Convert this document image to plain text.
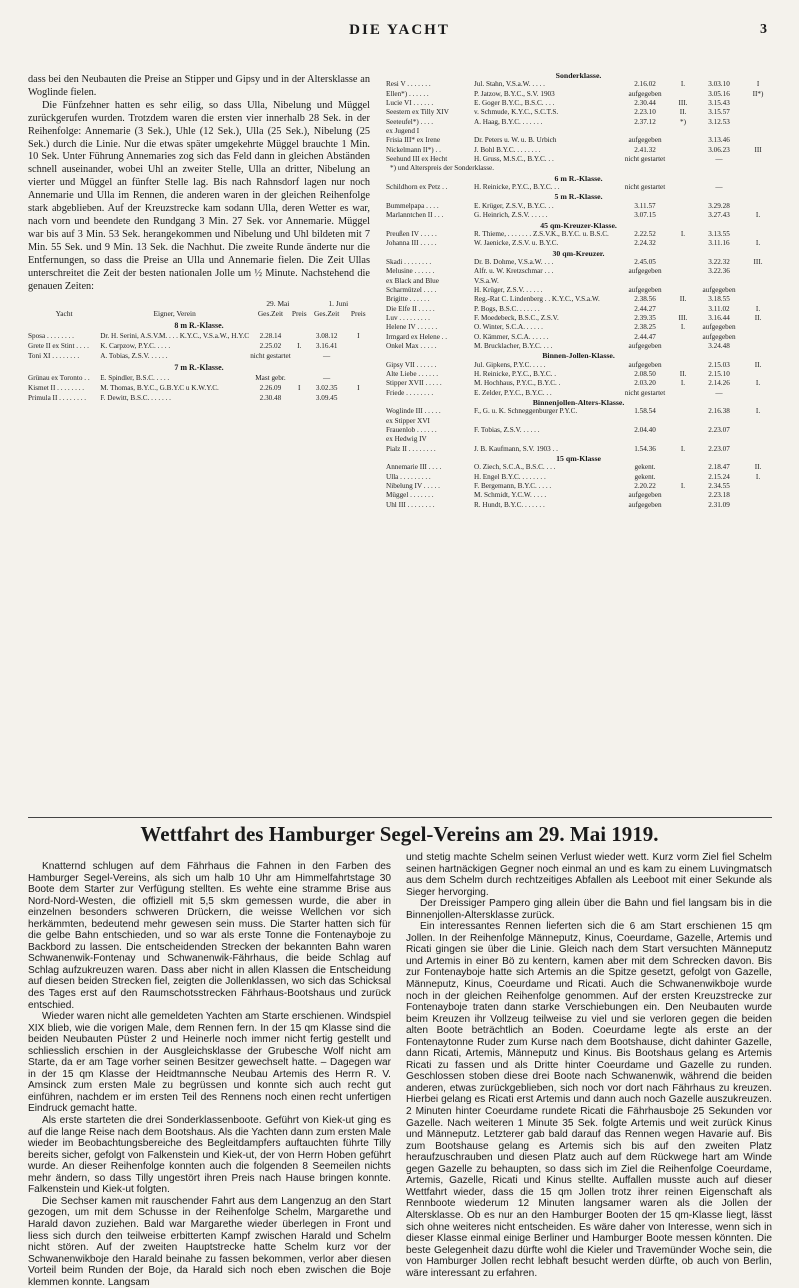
DIE YACHT	3

dass bei den Neubauten die Preise an Stipper und Gipsy und in der Altersklasse an Woglinde fielen.

Die Fünfzehner hatten es sehr eilig, so dass Ulla, Nibelung und Müggel zurückgerufen wurden. Trotzdem waren die ersten vier innerhalb 28 Sek. in der Reihenfolge: Annemarie (3 Sek.), Uhle (12 Sek.), Ulla (25 Sek.), Nibelung (25 Sek.) durch die Linie. Nur die etwas später umgekehrte Müggel brauchte 1 Min. 10 Sek. Unter Führung Annemaries zog sich das Feld dann in gleichen Abständen schnell auseinander, wobei Uhl an zweiter Stelle, Ulla an dritter, Nibelung an vierter und Müggel an fünfter Stelle lag. Bis nach Rahnsdorf lagen nur noch Annemarie und Ulla im Rennen, die anderen waren in der gleichen Reihenfolge stark abgeblieben. Auf der Kreuzstrecke kam sodann Ulla, deren Wetter es war, nach vorn und beendete den Rundgang 3 Min. 27 Sek. vor Annemarie. Müggel war bis auf 3 Min. 53 Sek. herangekommen und Nibelung und Uhl bildeten mit 7 Min. 55 Sek. und 9 Min. 13 Sek. die Nachhut. Die zweite Runde änderte nur die Entfernungen, so dass die Preise an Ulla und Annemarie fielen. Die Zeit Ullas unterschreitet die Zeit der besten nationalen Jolle um ½ Minute. Nachstehend die genauen Zeiten:

Yacht	Eigner, Verein	29. Mai		1. Juni	
		Ges.Zeit	Preis	Ges.Zeit	Preis
8 m R.-Klasse.					
Sposa . . . . . . . .	Dr. H. Serini, A.S.V.M. . . . K.Y.C., V.S.a.W., H.Y.C	2.28.14		3.08.12	I
Grete II ex Stint . . . .	K. Carpzow, P.Y.C. . . . .	2.25.02	I.	3.16.41	
Toni XI . . . . . . . .	A. Tobias, Z.S.V. . . . . .	nicht gestartet		—	
7 m R.-Klasse.					
Grünau ex Toronto . .	E. Spindler, B.S.C. . . . .	Mast gebr.		—	
Kismet II . . . . . . . .	M. Thomas, B.Y.C., G.B.Y.C u K.W.Y.C.	2.26.09	I	3.02.35	I
Primula II . . . . . . . .	F. Dewitt, B.S.C. . . . . . .	2.30.48		3.09.45	
Sonderklasse.					
Resi V . . . . . . .	Jul. Stahn, V.S.a.W. . . . .	2.16.02	I.	3.03.10	I
Ellen*) . . . . . .	P. Jatzow, B.Y.C., S.V. 1903	aufgegeben		3.05.16	II*)
Lucie VI . . . . . .	E. Goger B.Y.C., B.S.C. . . .	2.30.44	III.	3.15.43	
Seestern ex Tilly XIV	v. Schmude, K.Y.C., S.C.T.S.	2.23.10	II.	3.15.57	
Seeteufel*) . . . .	A. Haag, B.Y.C. . . . . . .	2.37.12	*)	3.12.53	
ex Jugend I					
Frisia III* ex Irene	Dr. Peters u. W. u. B. Urbich	aufgegeben		3.13.46	
Nickelmann II*) . .	J. Bohl B.Y.C. . . . . . . .	2.41.32		3.06.23	III
Seehund III ex Hecht	H. Gruss, M.S.C., B.Y.C. . .	nicht gestartet		—	
*) und Alterspreis der Sonderklasse.					
6 m R.-Klasse.					
Schildhorn ex Petz . .	H. Reinicke, P.Y.C., B.Y.C. . .	nicht gestartet		—	
5 m R.-Klasse.					
Bummelpapa . . . .	E. Krüger, Z.S.V., B.Y.C. . .	3.11.57		3.29.28	
Marlanntchen II . . .	G. Heinrich, Z.S.V. . . . . .	3.07.15		3.27.43	I.
45 qm-Kreuzer-Klasse.					
Preußen IV . . . . .	R. Thieme, . . . . . . . Z.S.V.K., B.Y.C. u. B.S.C.	2.22.52	I.	3.13.55	
Johanna III . . . . .	W. Jaenicke, Z.S.V. u. B.Y.C.	2.24.32		3.11.16	I.
30 qm-Kreuzer.					
Skadi . . . . . . . .	Dr. B. Dohme, V.S.a.W. . . .	2.45.05		3.22.32	III.
Melusine . . . . . .	Alfr. u. W. Kretzschmar . . .	aufgegeben		3.22.36	
ex Black and Blue	V.S.a.W.				
Scharmützel . . . .	H. Krüger, Z.S.V. . . . . .	aufgegeben		aufgegeben	
Brigitte . . . . . .	Reg.-Rat C. Lindenberg . . K.Y.C., V.S.a.W.	2.38.56	II.	3.18.55	
Die Elfe II . . . . .	P. Bogs, B.S.C. . . . . . .	2.44.27		3.11.02	I.
Luv . . . . . . . . .	F. Moedebeck, B.S.C., Z.S.V.	2.39.35	III.	3.16.44	II.
Helene IV . . . . . .	O. Winter, S.C.A. . . . . .	2.38.25	I.	aufgegeben	
Irmgard ex Helene . .	O. Kämmer, S.C.A. . . . . .	2.44.47		aufgegeben	
Onkel Max . . . . .	M. Brucklacher, B.Y.C. . . .	aufgegeben		3.24.48	
Binnen-Jollen-Klasse.					
Gipsy VII . . . . . .	Jul. Gipkens, P.Y.C. . . . .	aufgegeben		2.15.03	II.
Alte Liebe . . . . . .	H. Reinicke, P.Y.C., B.Y.C. .	2.08.50	II.	2.15.10	
Stipper XVII . . . . .	M. Hochhaus, P.Y.C., B.Y.C. .	2.03.20	I.	2.14.26	I.
Friede . . . . . . . .	E. Zelder, P.Y.C., B.Y.C. . .	nicht gestartet		—	
Binnenjollen-Alters-Klasse.					
Woglinde III . . . . .	F., G. u. K. Schneggenburger P.Y.C.	1.58.54		2.16.38	I.
ex Stipper XVI					
Frauenlob . . . . . .	F. Tobias, Z.S.V. . . . . .	2.04.40		2.23.07	
ex Hedwig IV					
Pialz II . . . . . . . .	J. B. Kaufmann, S.V. 1903 . .	1.54.36	I.	2.23.07	
15 qm-Klasse					
Annemarie III . . . .	O. Ziech, S.C.A., B.S.C. . . .	gekent.		2.18.47	II.
Ulla . . . . . . . . .	H. Engel B.Y.C. . . . . . . .	gekent.		2.15.24	I.
Nibelung IV . . . . .	F. Bergemann, B.Y.C. . . . .	2.20.22	I.	2.34.55	
Müggel . . . . . . .	M. Schmidt, Y.C.W. . . . .	aufgegeben		2.23.18	
Uhl III . . . . . . . .	R. Hundt, B.Y.C. . . . . . .	aufgegeben		2.31.09	
Wettfahrt des Hamburger Segel-Vereins am 29. Mai 1919.

Knatternd schlugen auf dem Fährhaus die Fahnen in den Farben des Hamburger Segel-Vereins, als sich um halb 10 Uhr am Himmelfahrtstage 30 Boote dem Starter zur Verfügung stellten. Es wehte eine stramme Brise aus Nord-Nord-Westen, die offiziell mit 5,5 skm gemessen wurde, die aber in einzelnen besonders schweren Drückern, die weisse Wellchen vor sich herkämmten, bedeutend mehr gewesen sein muss. Die Starter hatten sich für die gelbe Bahn entschieden, und so war als erste Tonne die Fontenayboje zu Backbord zu lassen. Die entscheidenden Strecken der bekannten Bahn waren Schwanenwik-Fontenay und Schwanenwik-Fährhaus, die beide Schlag auf Schlag aufzukreuzen waren. Dass aber nicht in allen Klassen die Entscheidung auf diesen beiden Strecken fiel, zeigten die Jollenklassen, wo sich das Schicksal des Tages erst auf den Raumschotsstrecken Fährhaus-Bootshaus und zurück entschied.

Wieder waren nicht alle gemeldeten Yachten am Starte erschienen. Windspiel XIX blieb, wie die vorigen Male, dem Rennen fern. In der 15 qm Klasse sind die beiden Neubauten Püster 2 und Heinerle noch immer nicht fertig gestellt und schliesslich erschien in der Ausgleichsklasse der Grubesche Wolf nicht am Starte, da er am Tage vorher seinen Besitzer gewechselt hatte. – Dagegen war in der 15 qm Klasse der Heidtmannsche Neubau Artemis des Herrn R. V. Amsinck zum ersten Male zu begrüssen und konnte sich auch recht gut einführen, nachdem er im ersten Teil des Rennens noch einen recht unfertigen Eindruck gemacht hatte.

Als erste starteten die drei Sonderklassenboote. Geführt von Kiek-ut ging es auf die lange Reise nach dem Bootshaus. Als die Yachten dann zum ersten Male wieder im Beobachtungsbereiche des Begleitdampfers auftauchten führte Tilly bereits sicher, gefolgt von Falkenstein und Kiek-ut, der von Herrn Hoben geführt wurde. An dieser Reihenfolge konnten auch die folgenden 8 Seemeilen nichts mehr ändern, so dass Tilly ungestört ihren Preis nach Hause bringen konnte. Falkenstein und Kiek-ut folgten.

Die Sechser kamen mit rauschender Fahrt aus dem Langenzug an den Start gezogen, um mit dem Schusse in der Reihenfolge Schelm, Margarethe und Harald davon zuziehen. Bald war Margarethe wieder überlegen in Front und liess sich durch den teilweise erbitterten Kampf zwischen Harald und Schelm nicht stören. Auf der zweiten Hauptstrecke hatte Schelm kurz vor der Schwanenwikboje den Harald beinahe zu fassen bekommen, verlor aber diesen Vorteil beim Runden der Boje, da Harald sich noch eben zwischen die Boje klemmen konnte. Langsam

und stetig machte Schelm seinen Verlust wieder wett. Kurz vorm Ziel fiel Schelm seinen hartnäckigen Gegner noch einmal an und es kam zu einem Luvingmatsch aus dem Schelm durch rechtzeitiges Abfallen als Leeboot mit einer Sekunde als Sieger hervorging.

Der Dreissiger Pampero ging allein über die Bahn und fiel langsam bis in die Binnenjollen-Altersklasse zurück.

Ein interessantes Rennen lieferten sich die 6 am Start erschienen 15 qm Jollen. In der Reihenfolge Männeputz, Kinus, Coeurdame, Gazelle, Artemis und Ricati gingen sie über die Linie. Gleich nach dem Start versuchten Männeputz und Artemis in einer Bö zu kentern, kamen aber mit dem Schrecken davon. Bis zur Fontenayboje hatte sich Artemis an die Spitze gesetzt, gefolgt von Gazelle, Männeputz, Kinus, Coeurdame und Ricati. Auch die Schwanenwikboje wurde noch in der gleichen Reihenfolge genommen. Auf der ersten Kreuzstrecke zur Fontenayboje traten dann starke Verschiebungen ein. Den Neubauten wurde beim Kreuzen ihr Vollzeug teilweise zu viel und sie verloren gegen die beiden alten Boote beträchtlich an Boden. Coeurdame legte als erste an der Fontenaytonne Ruder zum Kurse nach dem Bootshause, dicht dahinter Gazelle, dann Ricati, Artemis, Männeputz und Kinus. Bis Bootshaus gelang es Artemis Ricati zu fassen und als Dritte hinter Coeurdame und Gazelle zu runden. Geschlossen stoben diese drei Boote nach Schwanenwik, während die beiden anderen, etwas zurückgeblieben, sich noch vor dort nach Fährhaus zu kreuzen. Hierbei gelang es Ricati erst Artemis und dann auch noch Gazelle auszukreuzen. 2 Minuten hinter Coeurdame rundete Ricati die Fährhausboje 25 Sekunden vor Gazelle. Nach weiteren 1 Minute 35 Sek. folgte Artemis und weit zurück Kinus und Männeputz. Letzterer gab bald darauf das Rennen wegen Havarie auf. Bis zum Bootshause gelang es Artemis sich bis auf den zweiten Platz heraufzuschrauben und diesen Platz auch auf dem Rückwege hart am Winde gegen Gazelle zu behaupten, so dass sich im Ziel die Reihenfolge Coeurdame, Artemis, Gazelle, Ricati und Kinus stellte. Auffallen musste auch auf dieser Wettfahrt wieder, dass die 15 qm Jollen trotz ihrer reinen Eigenschaft als Rennboote wiederum 12 Minuten langsamer waren als die Jollen der Altersklasse. Ob es nur an den Hamburger Booten der 15 qm-Klasse liegt, lässt sich ohne weiteres nicht entscheiden. Es wäre daher von Interesse, wenn sich in dieser Klasse einmal einige Berliner und Hamburger Boote messen könnten. Die beste Gelegenheit dazu dürfte wohl die Kieler und Travemünder Woche sein, die von Hamburger Jollen recht lebhaft besucht werden dürfte, ob auch von Berlin, wäre interessant zu erfahren.
